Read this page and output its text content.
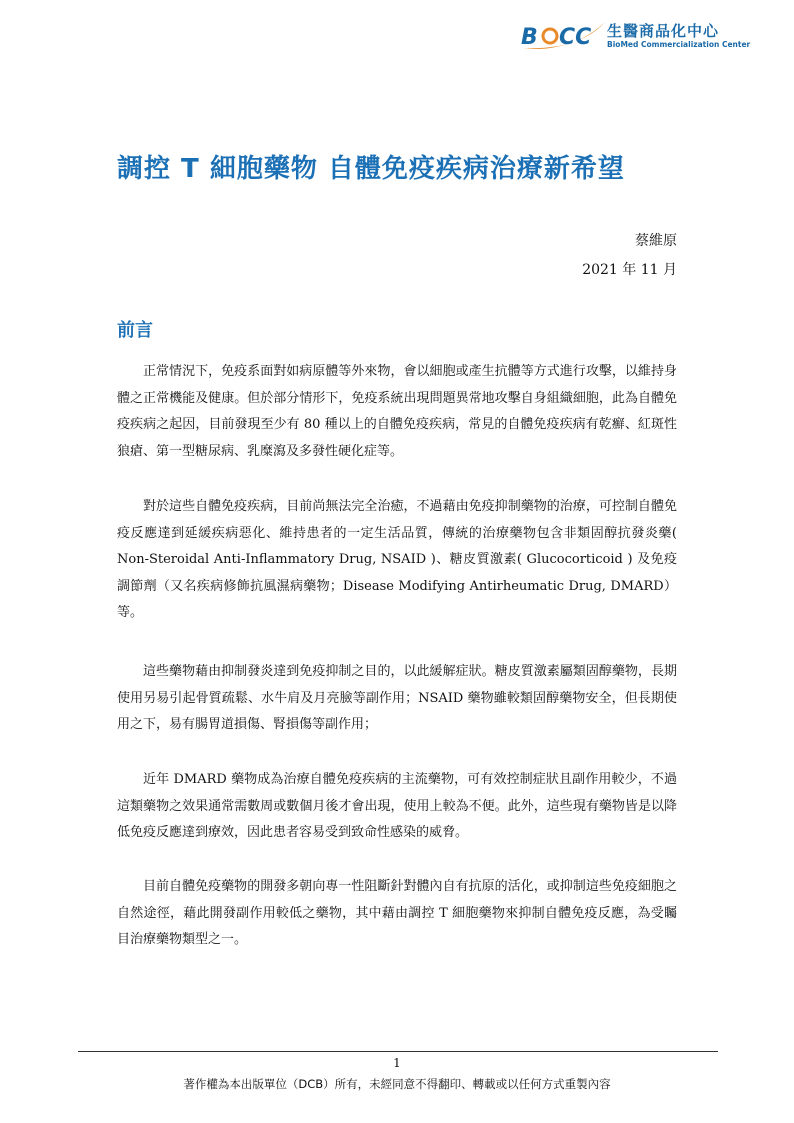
B CC 生醫商品化中心
BioMed Commercialization Center
調控 T 細胞藥物 自體免疫疾病治療新希望
蔡維原
2021 年 11 月
前言

正常情況下，免疫系面對如病原體等外來物，會以細胞或產生抗體等方式進行攻擊，以維持身體之正常機能及健康。但於部分情形下，免疫系統出現問題異常地攻擊自身組織細胞，此為自體免疫疾病之起因，目前發現至少有 80 種以上的自體免疫疾病，常見的自體免疫疾病有乾癬、紅斑性狼瘡、第一型糖尿病、乳糜瀉及多發性硬化症等。

對於這些自體免疫疾病，目前尚無法完全治癒，不過藉由免疫抑制藥物的治療，可控制自體免疫反應達到延緩疾病惡化、維持患者的一定生活品質，傳統的治療藥物包含非類固醇抗發炎藥( Non-Steroidal Anti-Inflammatory Drug, NSAID )、糖皮質激素( Glucocorticoid ) 及免疫調節劑（又名疾病修飾抗風濕病藥物；Disease Modifying Antirheumatic Drug, DMARD）等。

這些藥物藉由抑制發炎達到免疫抑制之目的，以此緩解症狀。糖皮質激素屬類固醇藥物，長期使用另易引起骨質疏鬆、水牛肩及月亮臉等副作用；NSAID 藥物雖較類固醇藥物安全，但長期使用之下，易有腸胃道損傷、腎損傷等副作用；

近年 DMARD 藥物成為治療自體免疫疾病的主流藥物，可有效控制症狀且副作用較少，不過這類藥物之效果通常需數周或數個月後才會出現，使用上較為不便。此外，這些現有藥物皆是以降低免疫反應達到療效，因此患者容易受到致命性感染的威脅。

目前自體免疫藥物的開發多朝向專一性阻斷針對體內自有抗原的活化，或抑制這些免疫細胞之自然途徑，藉此開發副作用較低之藥物，其中藉由調控 T 細胞藥物來抑制自體免疫反應，為受矚目治療藥物類型之一。

1
著作權為本出版單位（DCB）所有，未經同意不得翻印、轉載或以任何方式重製內容
